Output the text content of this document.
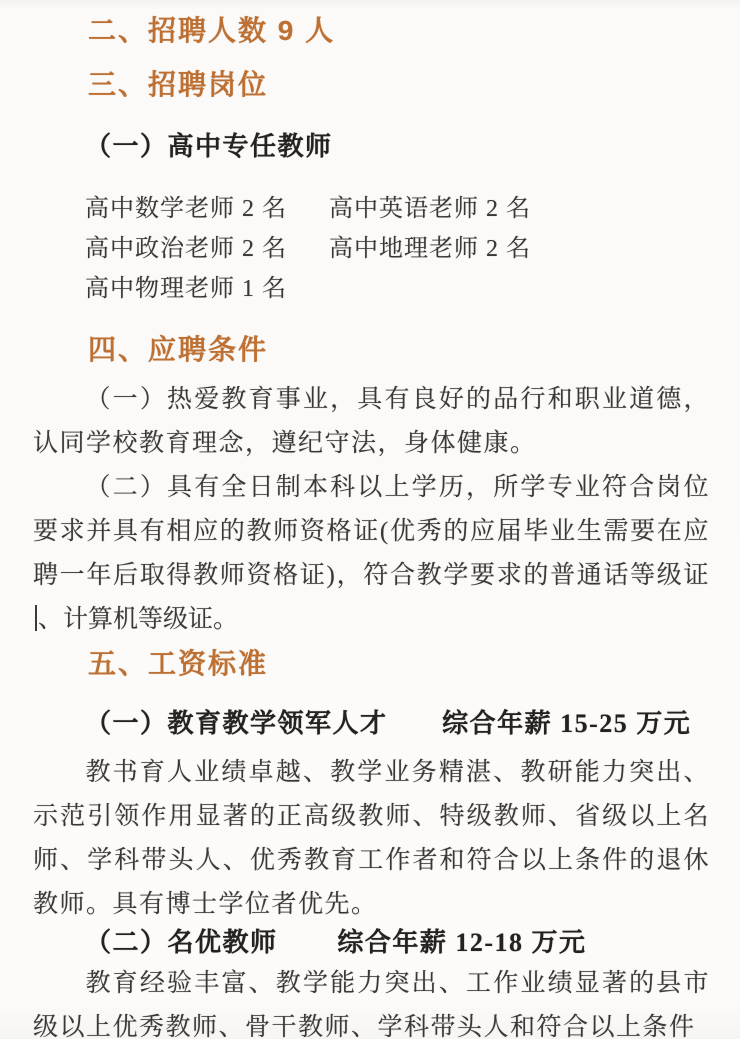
二、招聘人数 9 人
三、招聘岗位

（一）高中专任教师

高中数学老师 2 名 高中英语老师 2 名
高中政治老师 2 名 高中地理老师 2 名
高中物理老师 1 名
四、应聘条件

（一）热爱教育事业，具有良好的品行和职业道德，认同学校教育理念，遵纪守法，身体健康。

（二）具有全日制本科以上学历，所学专业符合岗位要求并具有相应的教师资格证(优秀的应届毕业生需要在应聘一年后取得教师资格证)，符合教学要求的普通话等级证、计算机等级证。

五、工资标准

（一）教育教学领军人才 综合年薪 15-25 万元

教书育人业绩卓越、教学业务精湛、教研能力突出、示范引领作用显著的正高级教师、特级教师、省级以上名师、学科带头人、优秀教育工作者和符合以上条件的退休教师。具有博士学位者优先。

（二）名优教师 综合年薪 12-18 万元

教育经验丰富、教学能力突出、工作业绩显著的县市级以上优秀教师、骨干教师、学科带头人和符合以上条件
